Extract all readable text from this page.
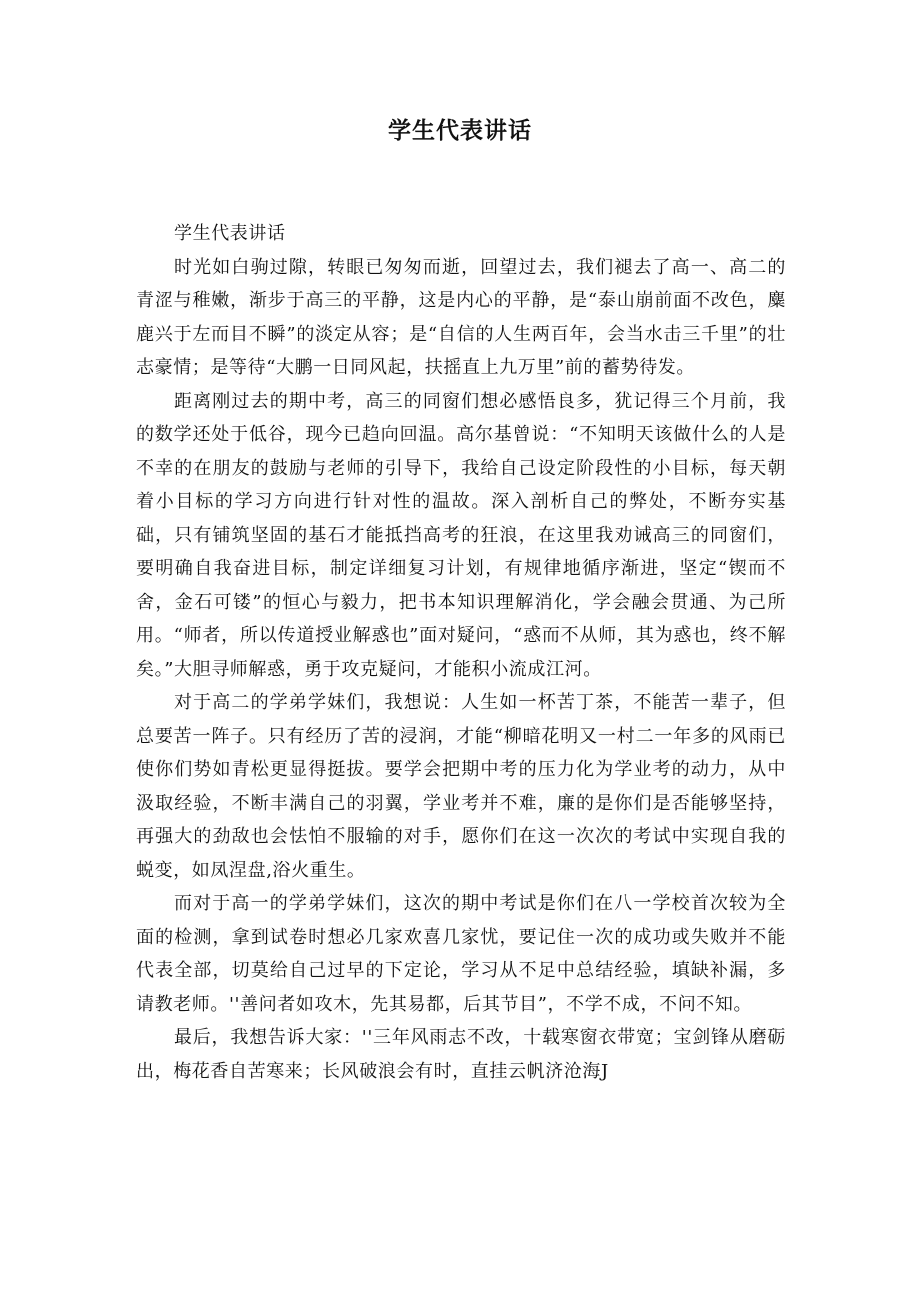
学生代表讲话

学生代表讲话

时光如白驹过隙，转眼已匆匆而逝，回望过去，我们褪去了高一、高二的青涩与稚嫩，渐步于高三的平静，这是内心的平静，是“泰山崩前面不改色，麋鹿兴于左而目不瞬”的淡定从容；是“自信的人生两百年，会当水击三千里”的壮志豪情；是等待“大鹏一日同风起，扶摇直上九万里”前的蓄势待发。

距离刚过去的期中考，高三的同窗们想必感悟良多，犹记得三个月前，我的数学还处于低谷，现今已趋向回温。高尔基曾说：“不知明天该做什么的人是不幸的在朋友的鼓励与老师的引导下，我给自己设定阶段性的小目标，每天朝着小目标的学习方向进行针对性的温故。深入剖析自己的弊处，不断夯实基础，只有铺筑坚固的基石才能抵挡高考的狂浪，在这里我劝诫高三的同窗们，要明确自我奋进目标，制定详细复习计划，有规律地循序渐进，坚定“锲而不舍，金石可镂”的恒心与毅力，把书本知识理解消化，学会融会贯通、为己所用。“师者，所以传道授业解惑也”面对疑问，“惑而不从师，其为惑也，终不解矣。”大胆寻师解惑，勇于攻克疑问，才能积小流成江河。

对于高二的学弟学妹们，我想说：人生如一杯苦丁茶，不能苦一辈子，但总要苦一阵子。只有经历了苦的浸润，才能“柳暗花明又一村二一年多的风雨已使你们势如青松更显得挺拔。要学会把期中考的压力化为学业考的动力，从中汲取经验，不断丰满自己的羽翼，学业考并不难，廉的是你们是否能够坚持，再强大的劲敌也会怯怕不服输的对手，愿你们在这一次次的考试中实现自我的蜕变，如凤涅盘,浴火重生。

而对于高一的学弟学妹们，这次的期中考试是你们在八一学校首次较为全面的检测，拿到试卷时想必几家欢喜几家忧，要记住一次的成功或失败并不能代表全部，切莫给自己过早的下定论，学习从不足中总结经验，填缺补漏，多请教老师。''善问者如攻木，先其易都，后其节目”，不学不成，不问不知。

最后，我想告诉大家：''三年风雨志不改，十载寒窗衣带宽；宝剑锋从磨砺出，梅花香自苦寒来；长风破浪会有时，直挂云帆济沧海J
